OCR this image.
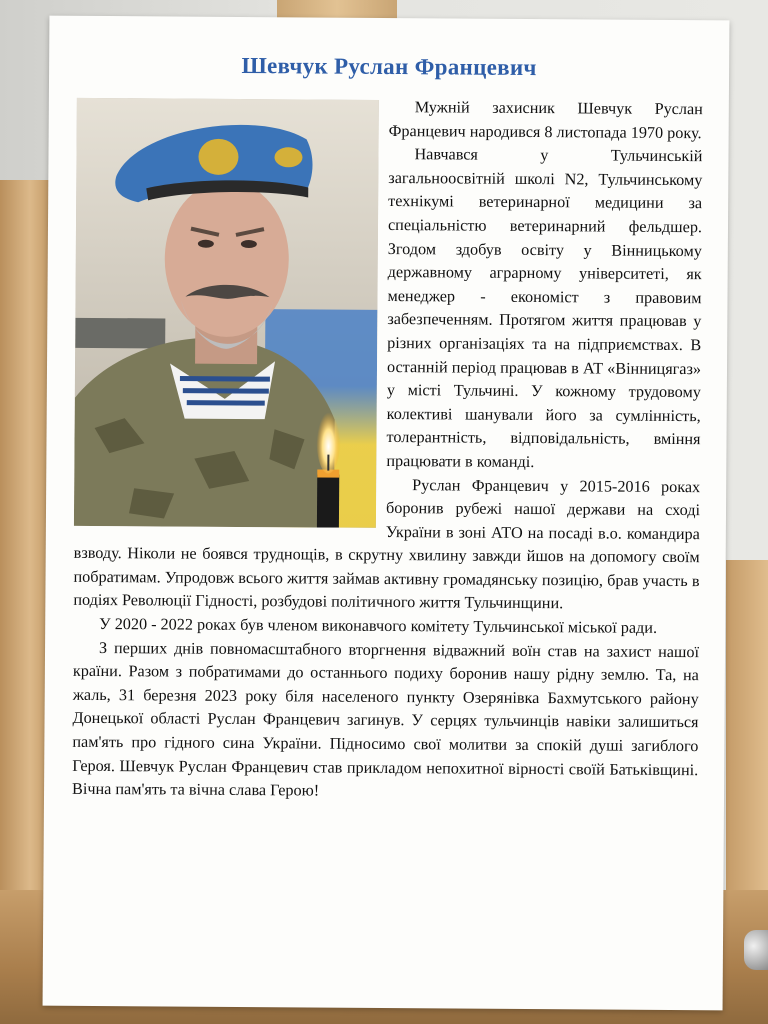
Шевчук Руслан Францевич

Мужній захисник Шевчук Руслан Францевич народився 8 листопада 1970 року.

Навчався у Тульчинській загальноосвітній школі N2, Тульчинському технікумі ветеринарної медицини за спеціальністю ветеринарний фельдшер. Згодом здобув освіту у Вінницькому державному аграрному університеті, як менеджер - економіст з правовим забезпеченням. Протягом життя працював у різних організаціях та на підприємствах. В останній період працював в АТ «Вінницягаз» у місті Тульчині. У кожному трудовому колективі шанували його за сумлінність, толерантність, відповідальність, вміння працювати в команді.

Руслан Францевич у 2015-2016 роках боронив рубежі нашої держави на сході України в зоні АТО на посаді в.о. командира взводу. Ніколи не боявся труднощів, в скрутну хвилину завжди йшов на допомогу своїм побратимам. Упродовж всього життя займав активну громадянську позицію, брав участь в подіях Революції Гідності, розбудові політичного життя Тульчинщини.

У 2020 - 2022 роках був членом виконавчого комітету Тульчинської міської ради.

З перших днів повномасштабного вторгнення відважний воїн став на захист нашої країни. Разом з побратимами до останнього подиху боронив нашу рідну землю. Та, на жаль, 31 березня 2023 року біля населеного пункту Озерянівка Бахмутського району Донецької області Руслан Францевич загинув. У серцях тульчинців навіки залишиться пам'ять про гідного сина України. Підносимо свої молитви за спокій душі загиблого Героя. Шевчук Руслан Францевич став прикладом непохитної вірності своїй Батьківщині. Вічна пам'ять та вічна слава Герою!
